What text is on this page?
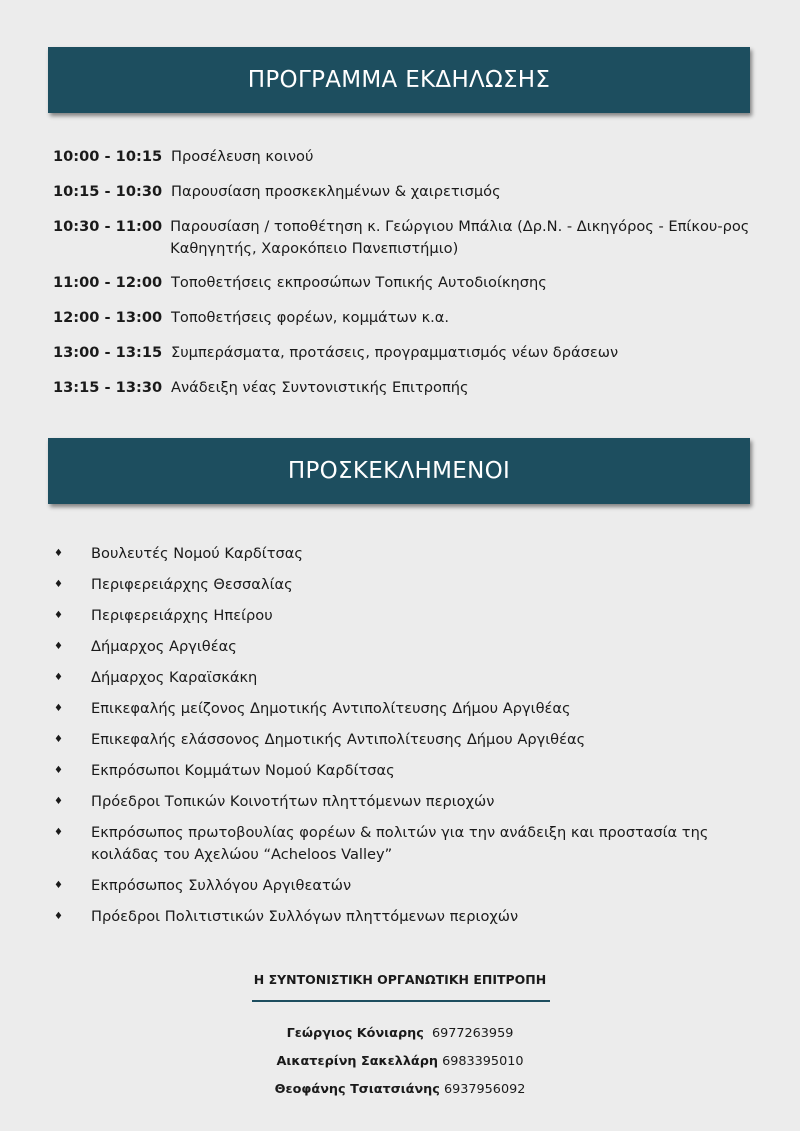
ΠΡΟΓΡΑΜΜΑ ΕΚΔΗΛΩΣΗΣ
10:00 - 10:15 Προσέλευση κοινού
10:15 - 10:30 Παρουσίαση προσκεκλημένων & χαιρετισμός
10:30 - 11:00 Παρουσίαση / τοποθέτηση κ. Γεώργιου Μπάλια (Δρ.Ν. - Δικηγόρος - Επίκου-ρος Καθηγητής, Χαροκόπειο Πανεπιστήμιο)
11:00 - 12:00 Τοποθετήσεις εκπροσώπων Τοπικής Αυτοδιοίκησης
12:00 - 13:00 Τοποθετήσεις φορέων, κομμάτων κ.α.
13:00 - 13:15 Συμπεράσματα, προτάσεις, προγραμματισμός νέων δράσεων
13:15 - 13:30 Ανάδειξη νέας Συντονιστικής Επιτροπής
ΠΡΟΣΚΕΚΛΗΜΕΝΟΙ
♦	Βουλευτές Νομού Καρδίτσας
♦	Περιφερειάρχης Θεσσαλίας
♦	Περιφερειάρχης Ηπείρου
♦	Δήμαρχος Αργιθέας
♦	Δήμαρχος Καραϊσκάκη
♦	Επικεφαλής μείζονος Δημοτικής Αντιπολίτευσης Δήμου Αργιθέας
♦	Επικεφαλής ελάσσονος Δημοτικής Αντιπολίτευσης Δήμου Αργιθέας
♦	Εκπρόσωποι Κομμάτων Νομού Καρδίτσας
♦	Πρόεδροι Τοπικών Κοινοτήτων πληττόμενων περιοχών
♦	Εκπρόσωπος πρωτοβουλίας φορέων & πολιτών για την ανάδειξη και προστασία της κοιλάδας του Αχελώου “Acheloos Valley”
♦	Εκπρόσωπος Συλλόγου Αργιθεατών
♦	Πρόεδροι Πολιτιστικών Συλλόγων πληττόμενων περιοχών
Η ΣΥΝΤΟΝΙΣΤΙΚΗ ΟΡΓΑΝΩΤΙΚΗ ΕΠΙΤΡΟΠΗ
Γεώργιος Κόνιαρης 6977263959
Αικατερίνη Σακελλάρη 6983395010
Θεοφάνης Τσιατσιάνης 6937956092
